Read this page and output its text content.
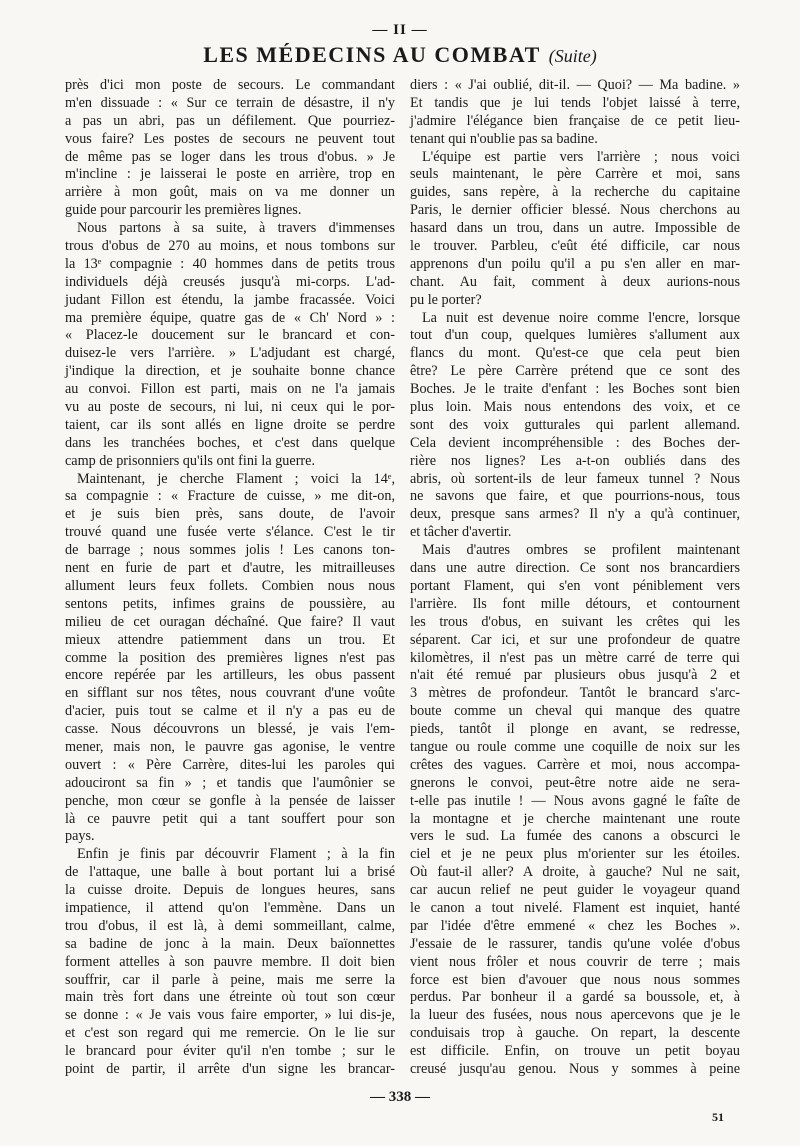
— II —
LES MÉDECINS AU COMBAT (Suite)
près d'ici mon poste de secours. Le commandant
m'en dissuade : « Sur ce terrain de désastre, il n'y
a pas un abri, pas un défilement. Que pourriez-
vous faire? Les postes de secours ne peuvent tout
de même pas se loger dans les trous d'obus. » Je
m'incline : je laisserai le poste en arrière, trop en
arrière à mon goût, mais on va me donner un
guide pour parcourir les premières lignes.
Nous partons à sa suite, à travers d'immenses
trous d'obus de 270 au moins, et nous tombons sur
la 13ᵉ compagnie : 40 hommes dans de petits trous
individuels déjà creusés jusqu'à mi-corps. L'ad-
judant Fillon est étendu, la jambe fracassée. Voici
ma première équipe, quatre gas de « Ch' Nord » :
« Placez-le doucement sur le brancard et con-
duisez-le vers l'arrière. » L'adjudant est chargé,
j'indique la direction, et je souhaite bonne chance
au convoi. Fillon est parti, mais on ne l'a jamais
vu au poste de secours, ni lui, ni ceux qui le por-
taient, car ils sont allés en ligne droite se perdre
dans les tranchées boches, et c'est dans quelque
camp de prisonniers qu'ils ont fini la guerre.
Maintenant, je cherche Flament ; voici la 14ᵉ,
sa compagnie : « Fracture de cuisse, » me dit-on,
et je suis bien près, sans doute, de l'avoir
trouvé quand une fusée verte s'élance. C'est le tir
de barrage ; nous sommes jolis ! Les canons ton-
nent en furie de part et d'autre, les mitrailleuses
allument leurs feux follets. Combien nous nous
sentons petits, infimes grains de poussière, au
milieu de cet ouragan déchaîné. Que faire? Il vaut
mieux attendre patiemment dans un trou. Et
comme la position des premières lignes n'est pas
encore repérée par les artilleurs, les obus passent
en sifflant sur nos têtes, nous couvrant d'une voûte
d'acier, puis tout se calme et il n'y a pas eu de
casse. Nous découvrons un blessé, je vais l'em-
mener, mais non, le pauvre gas agonise, le ventre
ouvert : « Père Carrère, dites-lui les paroles qui
adouciront sa fin » ; et tandis que l'aumônier se
penche, mon cœur se gonfle à la pensée de laisser
là ce pauvre petit qui a tant souffert pour son
pays.
Enfin je finis par découvrir Flament ; à la fin
de l'attaque, une balle à bout portant lui a brisé
la cuisse droite. Depuis de longues heures, sans
impatience, il attend qu'on l'emmène. Dans un
trou d'obus, il est là, à demi sommeillant, calme,
sa badine de jonc à la main. Deux baïonnettes
forment attelles à son pauvre membre. Il doit bien
souffrir, car il parle à peine, mais me serre la
main très fort dans une étreinte où tout son cœur
se donne : « Je vais vous faire emporter, » lui dis-je,
et c'est son regard qui me remercie. On le lie sur
le brancard pour éviter qu'il n'en tombe ; sur le
point de partir, il arrête d'un signe les brancar-
diers : « J'ai oublié, dit-il. — Quoi? — Ma badine. »
Et tandis que je lui tends l'objet laissé à terre,
j'admire l'élégance bien française de ce petit lieu-
tenant qui n'oublie pas sa badine.
L'équipe est partie vers l'arrière ; nous voici
seuls maintenant, le père Carrère et moi, sans
guides, sans repère, à la recherche du capitaine
Paris, le dernier officier blessé. Nous cherchons au
hasard dans un trou, dans un autre. Impossible de
le trouver. Parbleu, c'eût été difficile, car nous
apprenons d'un poilu qu'il a pu s'en aller en mar-
chant. Au fait, comment à deux aurions-nous
pu le porter?
La nuit est devenue noire comme l'encre, lorsque
tout d'un coup, quelques lumières s'allument aux
flancs du mont. Qu'est-ce que cela peut bien
être? Le père Carrère prétend que ce sont des
Boches. Je le traite d'enfant : les Boches sont bien
plus loin. Mais nous entendons des voix, et ce
sont des voix gutturales qui parlent allemand.
Cela devient incompréhensible : des Boches der-
rière nos lignes? Les a-t-on oubliés dans des
abris, où sortent-ils de leur fameux tunnel ? Nous
ne savons que faire, et que pourrions-nous, tous
deux, presque sans armes? Il n'y a qu'à continuer,
et tâcher d'avertir.
Mais d'autres ombres se profilent maintenant
dans une autre direction. Ce sont nos brancardiers
portant Flament, qui s'en vont péniblement vers
l'arrière. Ils font mille détours, et contournent
les trous d'obus, en suivant les crêtes qui les
séparent. Car ici, et sur une profondeur de quatre
kilomètres, il n'est pas un mètre carré de terre qui
n'ait été remué par plusieurs obus jusqu'à 2 et
3 mètres de profondeur. Tantôt le brancard s'arc-
boute comme un cheval qui manque des quatre
pieds, tantôt il plonge en avant, se redresse,
tangue ou roule comme une coquille de noix sur les
crêtes des vagues. Carrère et moi, nous accompa-
gnerons le convoi, peut-être notre aide ne sera-
t-elle pas inutile ! — Nous avons gagné le faîte de
la montagne et je cherche maintenant une route
vers le sud. La fumée des canons a obscurci le
ciel et je ne peux plus m'orienter sur les étoiles.
Où faut-il aller? A droite, à gauche? Nul ne sait,
car aucun relief ne peut guider le voyageur quand
le canon a tout nivelé. Flament est inquiet, hanté
par l'idée d'être emmené « chez les Boches ».
J'essaie de le rassurer, tandis qu'une volée d'obus
vient nous frôler et nous couvrir de terre ; mais
force est bien d'avouer que nous nous sommes
perdus. Par bonheur il a gardé sa boussole, et, à
la lueur des fusées, nous nous apercevons que je le
conduisais trop à gauche. On repart, la descente
est difficile. Enfin, on trouve un petit boyau
creusé jusqu'au genou. Nous y sommes à peine
— 338 —
51
